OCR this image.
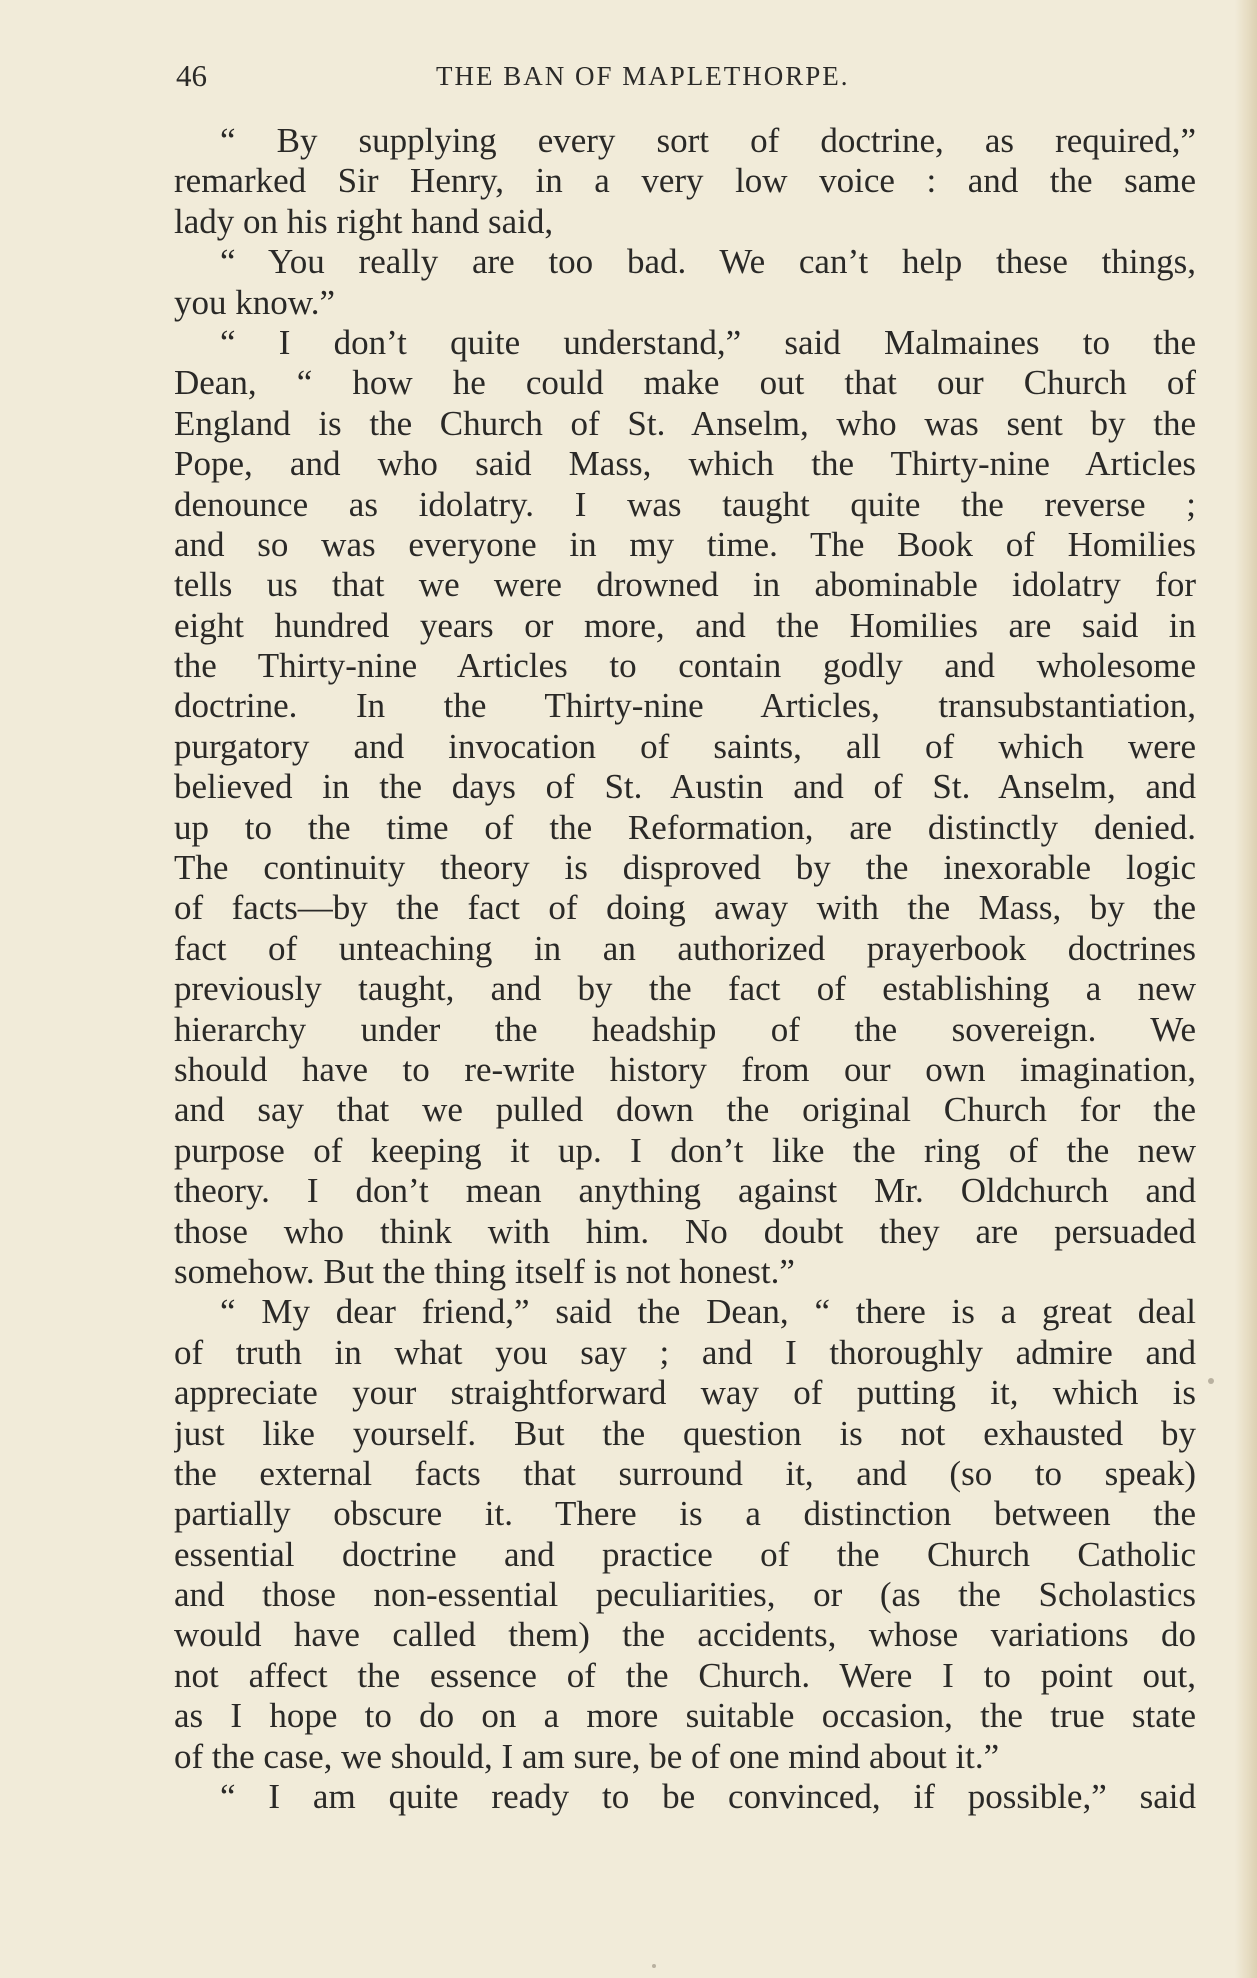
46	THE BAN OF MAPLETHORPE.
“ By supplying every sort of doctrine, as required,”
remarked Sir Henry, in a very low voice : and the same
lady on his right hand said,
“ You really are too bad. We can’t help these things,
you know.”
“ I don’t quite understand,” said Malmaines to the
Dean, “ how he could make out that our Church of
England is the Church of St. Anselm, who was sent by the
Pope, and who said Mass, which the Thirty-nine Articles
denounce as idolatry. I was taught quite the reverse ;
and so was everyone in my time. The Book of Homilies
tells us that we were drowned in abominable idolatry for
eight hundred years or more, and the Homilies are said in
the Thirty-nine Articles to contain godly and wholesome
doctrine. In the Thirty-nine Articles, transubstantiation,
purgatory and invocation of saints, all of which were
believed in the days of St. Austin and of St. Anselm, and
up to the time of the Reformation, are distinctly denied.
The continuity theory is disproved by the inexorable logic
of facts—by the fact of doing away with the Mass, by the
fact of unteaching in an authorized prayerbook doctrines
previously taught, and by the fact of establishing a new
hierarchy under the headship of the sovereign. We
should have to re-write history from our own imagination,
and say that we pulled down the original Church for the
purpose of keeping it up. I don’t like the ring of the new
theory. I don’t mean anything against Mr. Oldchurch and
those who think with him. No doubt they are persuaded
somehow. But the thing itself is not honest.”
“ My dear friend,” said the Dean, “ there is a great deal
of truth in what you say ; and I thoroughly admire and
appreciate your straightforward way of putting it, which is
just like yourself. But the question is not exhausted by
the external facts that surround it, and (so to speak)
partially obscure it. There is a distinction between the
essential doctrine and practice of the Church Catholic
and those non-essential peculiarities, or (as the Scholastics
would have called them) the accidents, whose variations do
not affect the essence of the Church. Were I to point out,
as I hope to do on a more suitable occasion, the true state
of the case, we should, I am sure, be of one mind about it.”
“ I am quite ready to be convinced, if possible,” said
